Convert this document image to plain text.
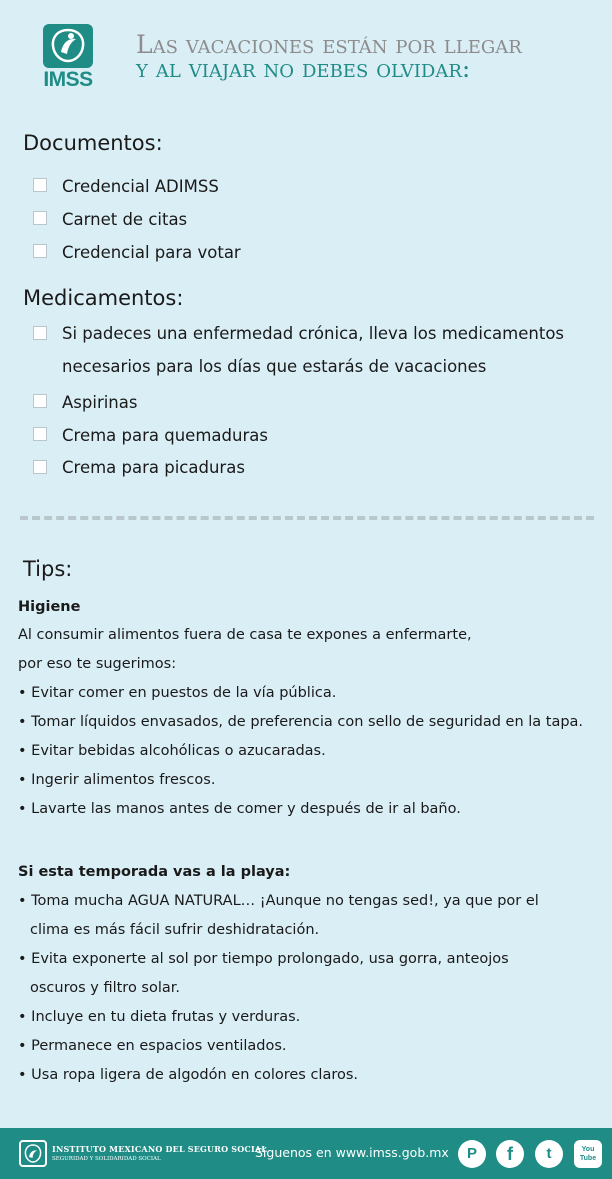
IMSS
Las vacaciones están por llegar
y al viajar no debes olvidar:
Documentos:
Credencial ADIMSS
Carnet de citas
Credencial para votar
Medicamentos:
Si padeces una enfermedad crónica, lleva los medicamentos
necesarios para los días que estarás de vacaciones
Aspirinas
Crema para quemaduras
Crema para picaduras
Tips:
Higiene
Al consumir alimentos fuera de casa te expones a enfermarte,
por eso te sugerimos:
• Evitar comer en puestos de la vía pública.
• Tomar líquidos envasados, de preferencia con sello de seguridad en la tapa.
• Evitar bebidas alcohólicas o azucaradas.
• Ingerir alimentos frescos.
• Lavarte las manos antes de comer y después de ir al baño.
Si esta temporada vas a la playa:
• Toma mucha AGUA NATURAL… ¡Aunque no tengas sed!, ya que por el
clima es más fácil sufrir deshidratación.
• Evita exponerte al sol por tiempo prolongado, usa gorra, anteojos
oscuros y filtro solar.
• Incluye en tu dieta frutas y verduras.
• Permanece en espacios ventilados.
• Usa ropa ligera de algodón en colores claros.
INSTITUTO MEXICANO DEL SEGURO SOCIAL
SEGURIDAD Y SOLIDARIDAD SOCIAL	Síguenos en www.imss.gob.mx	P	f	t	You Tube
